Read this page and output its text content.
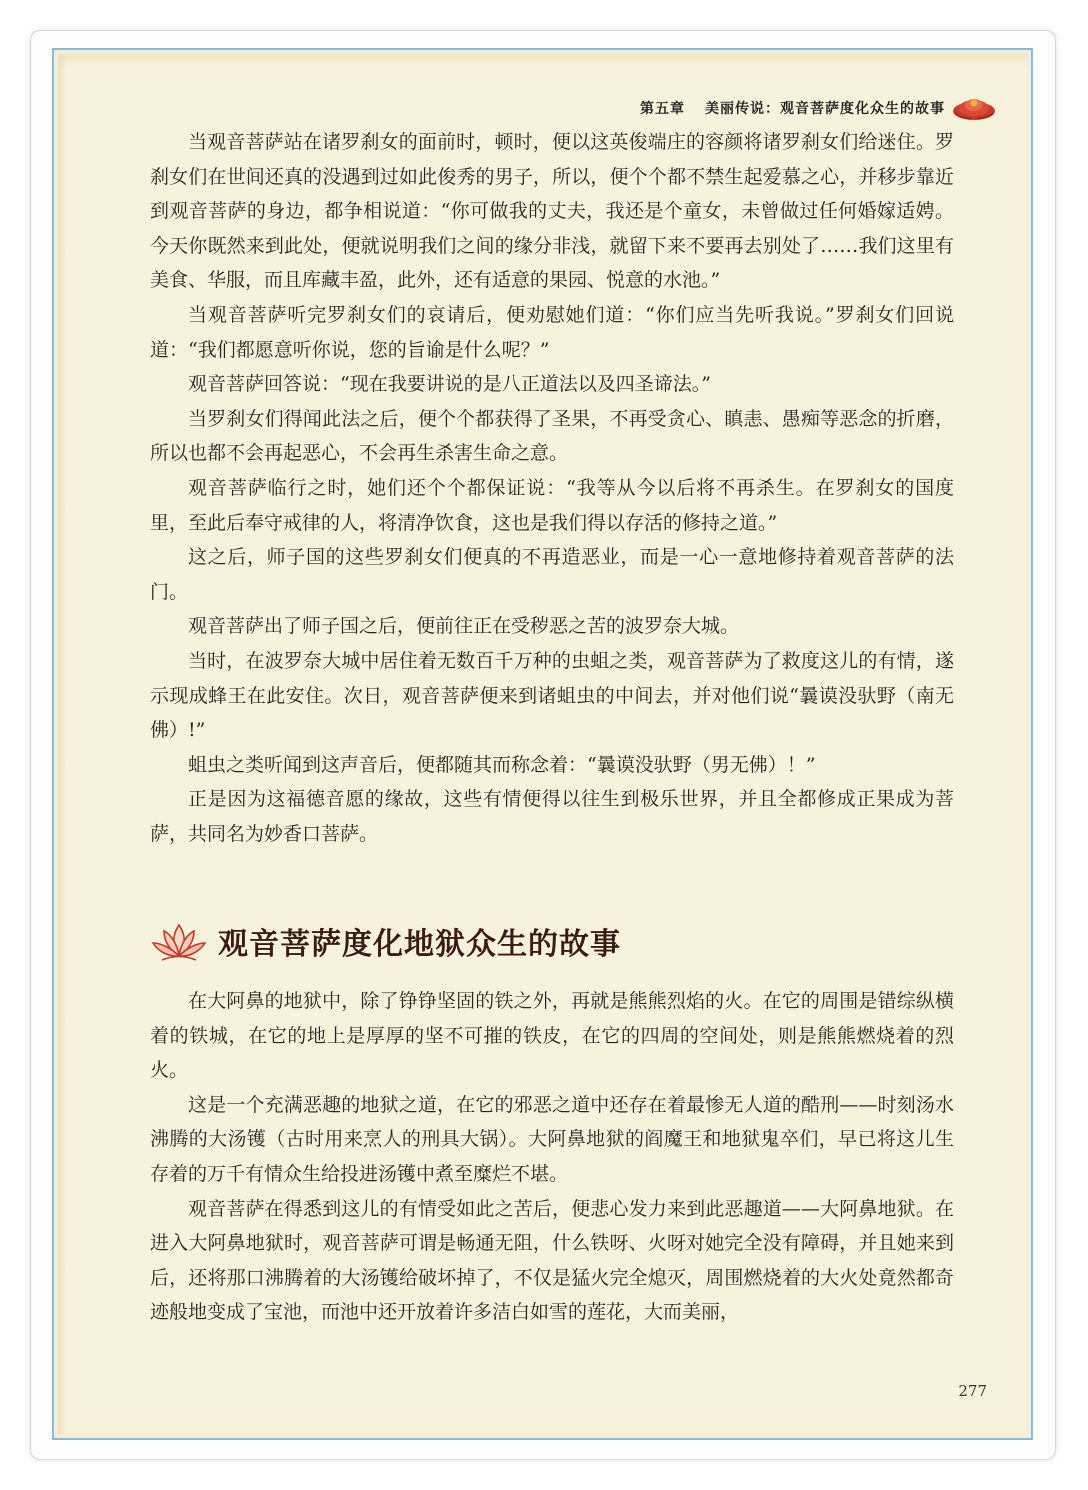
第五章 美丽传说：观音菩萨度化众生的故事

当观音菩萨站在诸罗刹女的面前时，顿时，便以这英俊端庄的容颜将诸罗刹女们给迷住。罗刹女们在世间还真的没遇到过如此俊秀的男子，所以，便个个都不禁生起爱慕之心，并移步靠近到观音菩萨的身边，都争相说道：“你可做我的丈夫，我还是个童女，未曾做过任何婚嫁适娉。今天你既然来到此处，便就说明我们之间的缘分非浅，就留下来不要再去别处了……我们这里有美食、华服，而且库藏丰盈，此外，还有适意的果园、悦意的水池。”

当观音菩萨听完罗刹女们的哀请后，便劝慰她们道：“你们应当先听我说。”罗刹女们回说道：“我们都愿意听你说，您的旨谕是什么呢？”

观音菩萨回答说：“现在我要讲说的是八正道法以及四圣谛法。”

当罗刹女们得闻此法之后，便个个都获得了圣果，不再受贪心、瞋恚、愚痴等恶念的折磨，所以也都不会再起恶心，不会再生杀害生命之意。

观音菩萨临行之时，她们还个个都保证说：“我等从今以后将不再杀生。在罗刹女的国度里，至此后奉守戒律的人，将清净饮食，这也是我们得以存活的修持之道。”

这之后，师子国的这些罗刹女们便真的不再造恶业，而是一心一意地修持着观音菩萨的法门。

观音菩萨出了师子国之后，便前往正在受秽恶之苦的波罗奈大城。

当时，在波罗奈大城中居住着无数百千万种的虫蛆之类，观音菩萨为了救度这儿的有情，遂示现成蜂王在此安住。次日，观音菩萨便来到诸蛆虫的中间去，并对他们说“曩谟没驮野（南无佛）!”

蛆虫之类听闻到这声音后，便都随其而称念着：“曩谟没驮野（男无佛）！”

正是因为这福德音愿的缘故，这些有情便得以往生到极乐世界，并且全都修成正果成为菩萨，共同名为妙香口菩萨。

观音菩萨度化地狱众生的故事

在大阿鼻的地狱中，除了铮铮坚固的铁之外，再就是熊熊烈焰的火。在它的周围是错综纵横着的铁城，在它的地上是厚厚的坚不可摧的铁皮，在它的四周的空间处，则是熊熊燃烧着的烈火。

这是一个充满恶趣的地狱之道，在它的邪恶之道中还存在着最惨无人道的酷刑——时刻汤水沸腾的大汤镬（古时用来烹人的刑具大锅）。大阿鼻地狱的阎魔王和地狱鬼卒们，早已将这儿生存着的万千有情众生给投进汤镬中煮至糜烂不堪。

观音菩萨在得悉到这儿的有情受如此之苦后，便悲心发力来到此恶趣道——大阿鼻地狱。在进入大阿鼻地狱时，观音菩萨可谓是畅通无阻，什么铁呀、火呀对她完全没有障碍，并且她来到后，还将那口沸腾着的大汤镬给破坏掉了，不仅是猛火完全熄灭，周围燃烧着的大火处竟然都奇迹般地变成了宝池，而池中还开放着许多洁白如雪的莲花，大而美丽，

277
